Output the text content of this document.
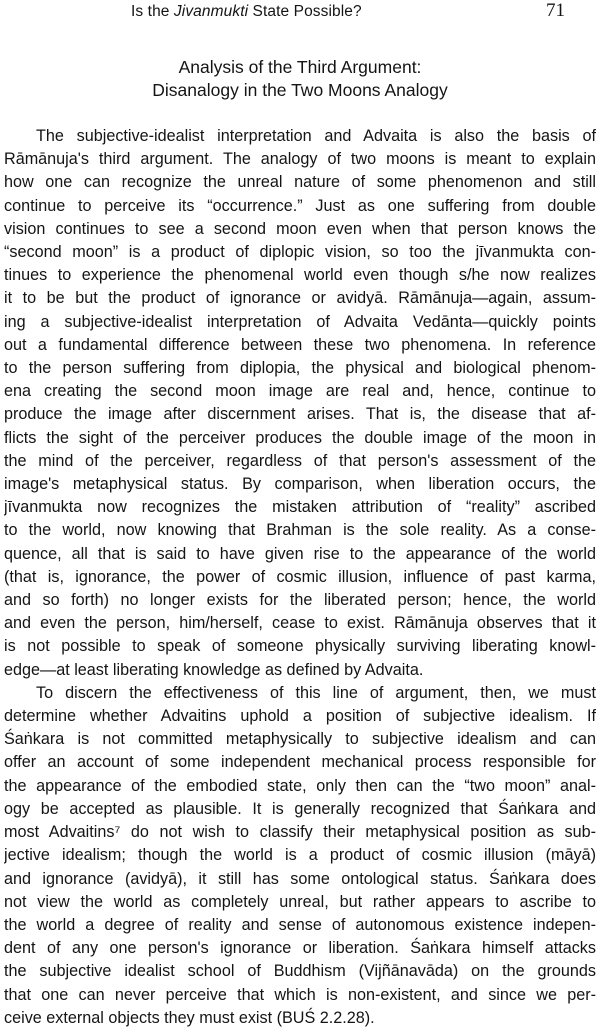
Is the Jivanmukti State Possible?	71
Analysis of the Third Argument:
Disanalogy in the Two Moons Analogy

The subjective-idealist interpretation and Advaita is also the basis of
Rāmānuja's third argument. The analogy of two moons is meant to explain
how one can recognize the unreal nature of some phenomenon and still
continue to perceive its “occurrence.” Just as one suffering from double
vision continues to see a second moon even when that person knows the
“second moon” is a product of diplopic vision, so too the jīvanmukta con-
tinues to experience the phenomenal world even though s/he now realizes
it to be but the product of ignorance or avidyā. Rāmānuja—again, assum-
ing a subjective-idealist interpretation of Advaita Vedānta—quickly points
out a fundamental difference between these two phenomena. In reference
to the person suffering from diplopia, the physical and biological phenom-
ena creating the second moon image are real and, hence, continue to
produce the image after discernment arises. That is, the disease that af-
flicts the sight of the perceiver produces the double image of the moon in
the mind of the perceiver, regardless of that person's assessment of the
image's metaphysical status. By comparison, when liberation occurs, the
jīvanmukta now recognizes the mistaken attribution of “reality” ascribed
to the world, now knowing that Brahman is the sole reality. As a conse-
quence, all that is said to have given rise to the appearance of the world
(that is, ignorance, the power of cosmic illusion, influence of past karma,
and so forth) no longer exists for the liberated person; hence, the world
and even the person, him/herself, cease to exist. Rāmānuja observes that it
is not possible to speak of someone physically surviving liberating knowl-
edge—at least liberating knowledge as defined by Advaita.

To discern the effectiveness of this line of argument, then, we must
determine whether Advaitins uphold a position of subjective idealism. If
Śaṅkara is not committed metaphysically to subjective idealism and can
offer an account of some independent mechanical process responsible for
the appearance of the embodied state, only then can the “two moon” anal-
ogy be accepted as plausible. It is generally recognized that Śaṅkara and
most Advaitins⁷ do not wish to classify their metaphysical position as sub-
jective idealism; though the world is a product of cosmic illusion (māyā)
and ignorance (avidyā), it still has some ontological status. Śaṅkara does
not view the world as completely unreal, but rather appears to ascribe to
the world a degree of reality and sense of autonomous existence indepen-
dent of any one person's ignorance or liberation. Śaṅkara himself attacks
the subjective idealist school of Buddhism (Vijñānavāda) on the grounds
that one can never perceive that which is non-existent, and since we per-
ceive external objects they must exist (BUŚ 2.2.28).
